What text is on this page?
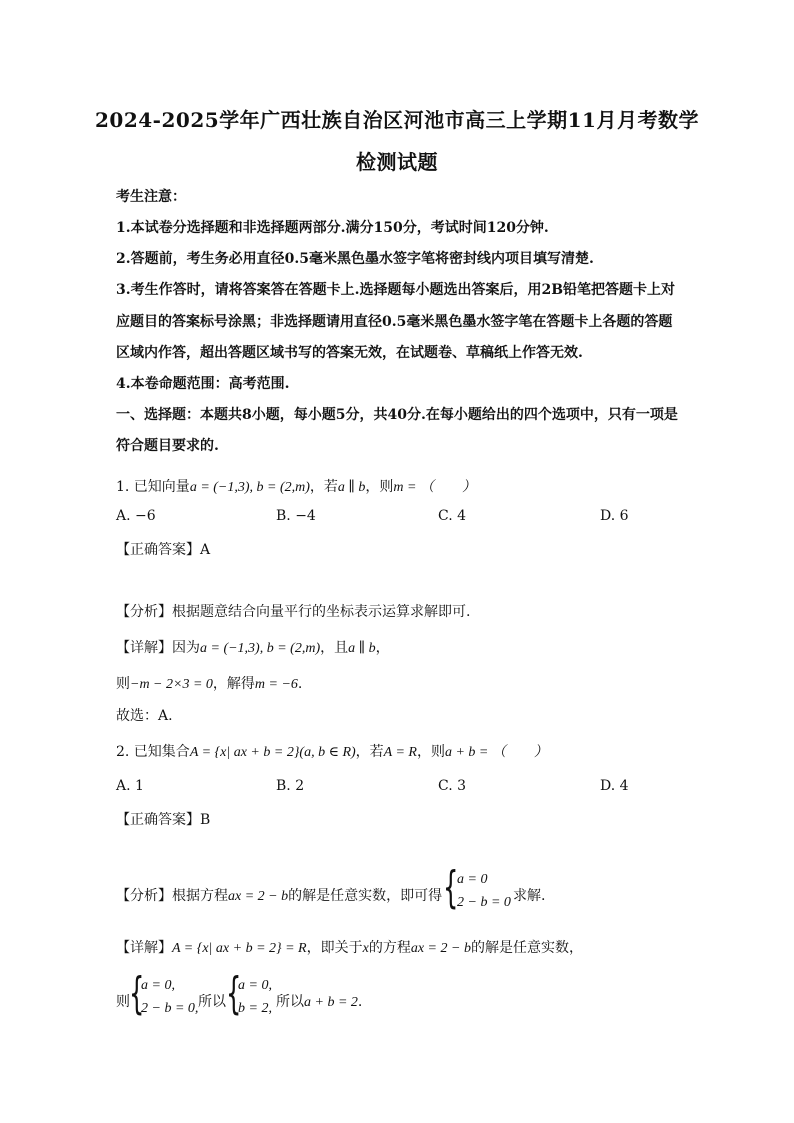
2024-2025学年广西壮族自治区河池市高三上学期11月月考数学
检测试题
考生注意：
1.本试卷分选择题和非选择题两部分.满分150分，考试时间120分钟.
2.答题前，考生务必用直径0.5毫米黑色墨水签字笔将密封线内项目填写清楚.
3.考生作答时，请将答案答在答题卡上.选择题每小题选出答案后，用2B铅笔把答题卡上对
应题目的答案标号涂黑；非选择题请用直径0.5毫米黑色墨水签字笔在答题卡上各题的答题
区域内作答，超出答题区域书写的答案无效，在试题卷、草稿纸上作答无效.
4.本卷命题范围：高考范围.
一、选择题：本题共8小题，每小题5分，共40分.在每小题给出的四个选项中，只有一项是
符合题目要求的.
1. 已知向量a = (−1,3), b = (2,m)，若a ∥ b，则m = （　　）
A. −6	B. −4	C. 4	D. 6
【正确答案】A
【分析】根据题意结合向量平行的坐标表示运算求解即可.
【详解】因为a = (−1,3), b = (2,m)，且a ∥ b，
则−m − 2×3 = 0，解得m = −6.
故选：A.
2. 已知集合A = {x| ax + b = 2}(a, b ∈ R)，若A = R，则a + b = （　　）
A. 1	B. 2	C. 3	D. 4
【正确答案】B
【分析】根据方程ax = 2 − b的解是任意实数，即可得 {
a = 0
2 − b = 0 求解.
【详解】A = {x| ax + b = 2} = R，即关于x的方程ax = 2 − b的解是任意实数，
则 {
a = 0,
2 − b = 0, 所以 {
a = 0,
b = 2, 所以a + b = 2.
